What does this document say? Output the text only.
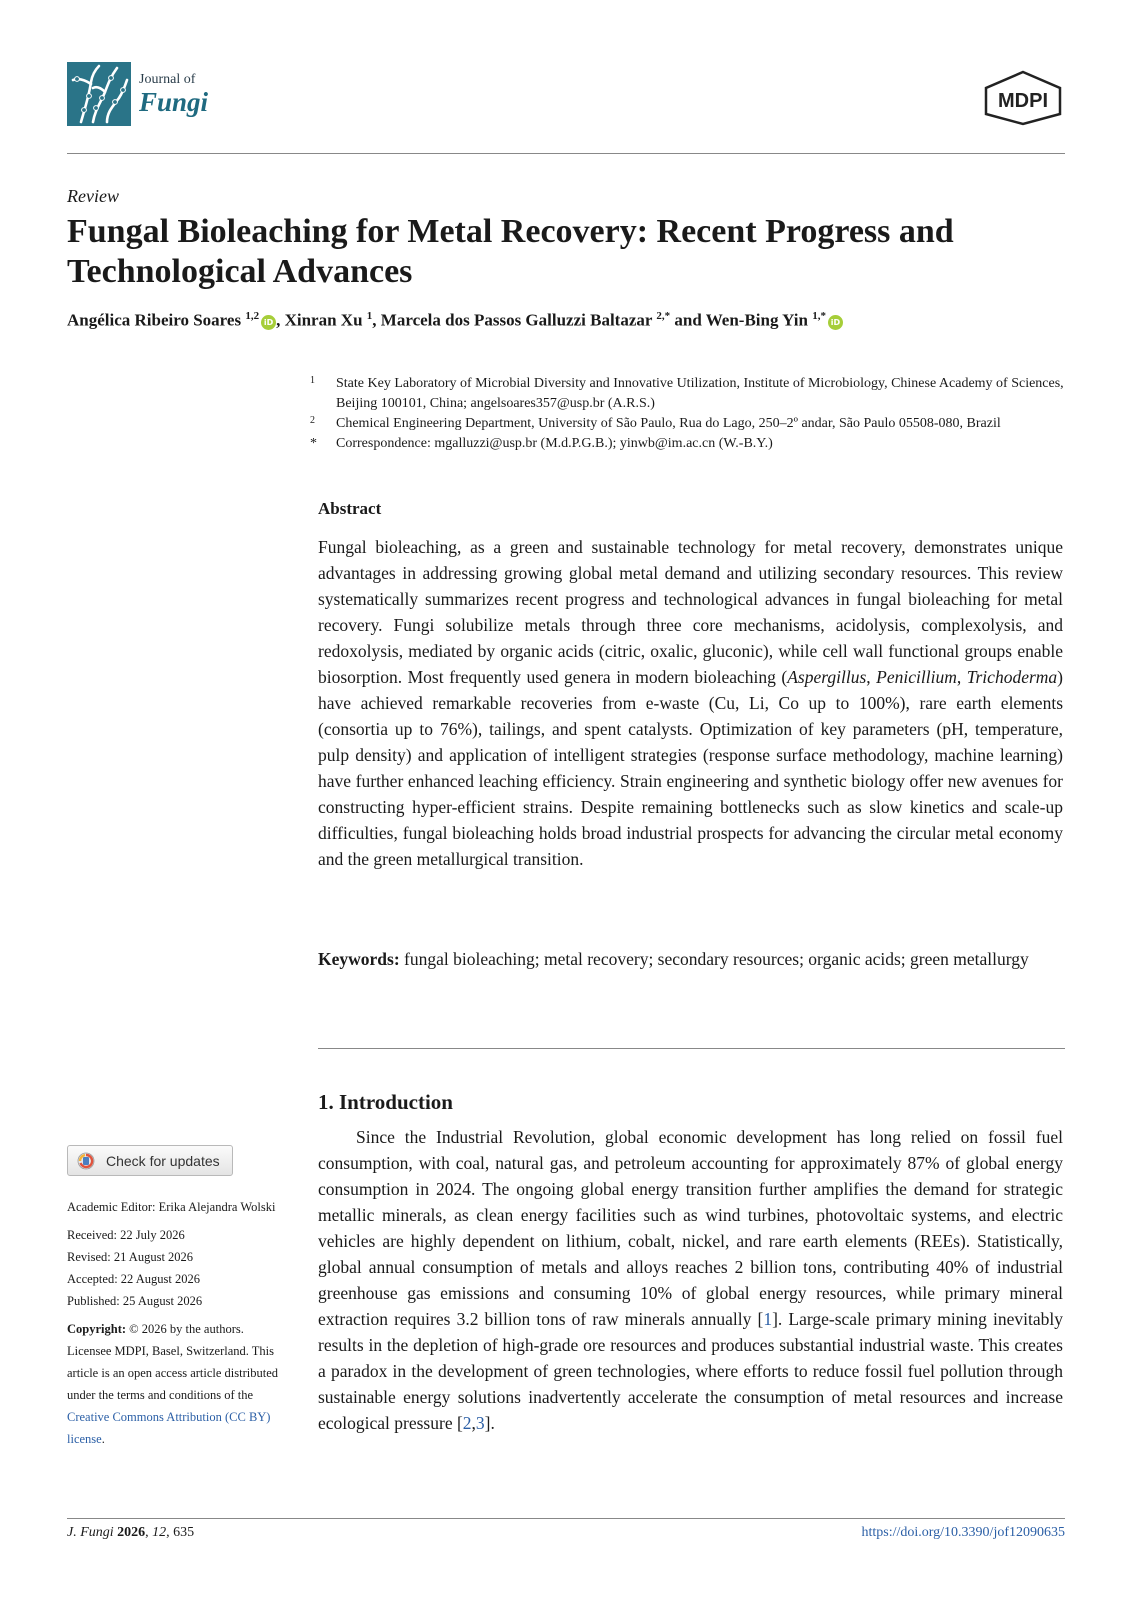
Journal of
Fungi	MDPI
Review
Fungal Bioleaching for Metal Recovery: Recent Progress and Technological Advances
Angélica Ribeiro Soares $^{1,2}$iD , Xinran Xu $^1$, Marcela dos Passos Galluzzi Baltazar $^{2,*}$ and Wen-Bing Yin $^{1,*}$iD
1 State Key Laboratory of Microbial Diversity and Innovative Utilization, Institute of Microbiology, Chinese Academy of Sciences, Beijing 100101, China; angelsoares357@usp.br (A.R.S.)
2 Chemical Engineering Department, University of São Paulo, Rua do Lago, 250–2º andar, São Paulo 05508-080, Brazil
* Correspondence: mgalluzzi@usp.br (M.d.P.G.B.); yinwb@im.ac.cn (W.-B.Y.)
Abstract
Fungal bioleaching, as a green and sustainable technology for metal recovery, demonstrates unique advantages in addressing growing global metal demand and utilizing secondary resources. This review systematically summarizes recent progress and technological advances in fungal bioleaching for metal recovery. Fungi solubilize metals through three core mechanisms, acidolysis, complexolysis, and redoxolysis, mediated by organic acids (citric, oxalic, gluconic), while cell wall functional groups enable biosorption. Most frequently used genera in modern bioleaching (Aspergillus, Penicillium, Trichoderma) have achieved remarkable recoveries from e-waste (Cu, Li, Co up to 100%), rare earth elements (consortia up to 76%), tailings, and spent catalysts. Optimization of key parameters (pH, temperature, pulp density) and application of intelligent strategies (response surface methodology, machine learning) have further enhanced leaching efficiency. Strain engineering and synthetic biology offer new avenues for constructing hyper-efficient strains. Despite remaining bottlenecks such as slow kinetics and scale-up difficulties, fungal bioleaching holds broad industrial prospects for advancing the circular metal economy and the green metallurgical transition.
Keywords: fungal bioleaching; metal recovery; secondary resources; organic acids; green metallurgy
1. Introduction
Since the Industrial Revolution, global economic development has long relied on fossil fuel consumption, with coal, natural gas, and petroleum accounting for approximately 87% of global energy consumption in 2024. The ongoing global energy transition further amplifies the demand for strategic metallic minerals, as clean energy facilities such as wind turbines, photovoltaic systems, and electric vehicles are highly dependent on lithium, cobalt, nickel, and rare earth elements (REEs). Statistically, global annual consumption of metals and alloys reaches 2 billion tons, contributing 40% of industrial greenhouse gas emissions and consuming 10% of global energy resources, while primary mineral extraction requires 3.2 billion tons of raw minerals annually [1]. Large-scale primary mining inevitably results in the depletion of high-grade ore resources and produces substantial industrial waste. This creates a paradox in the development of green technologies, where efforts to reduce fossil fuel pollution through sustainable energy solutions inadvertently accelerate the consumption of metal resources and increase ecological pressure [2,3].
Check for updates
Academic Editor: Erika Alejandra Wolski
Received: 22 July 2026
Revised: 21 August 2026
Accepted: 22 August 2026
Published: 25 August 2026
Copyright: © 2026 by the authors. Licensee MDPI, Basel, Switzerland. This article is an open access article distributed under the terms and conditions of the Creative Commons Attribution (CC BY) license.
J. Fungi 2026, 12, 635	https://doi.org/10.3390/jof12090635
